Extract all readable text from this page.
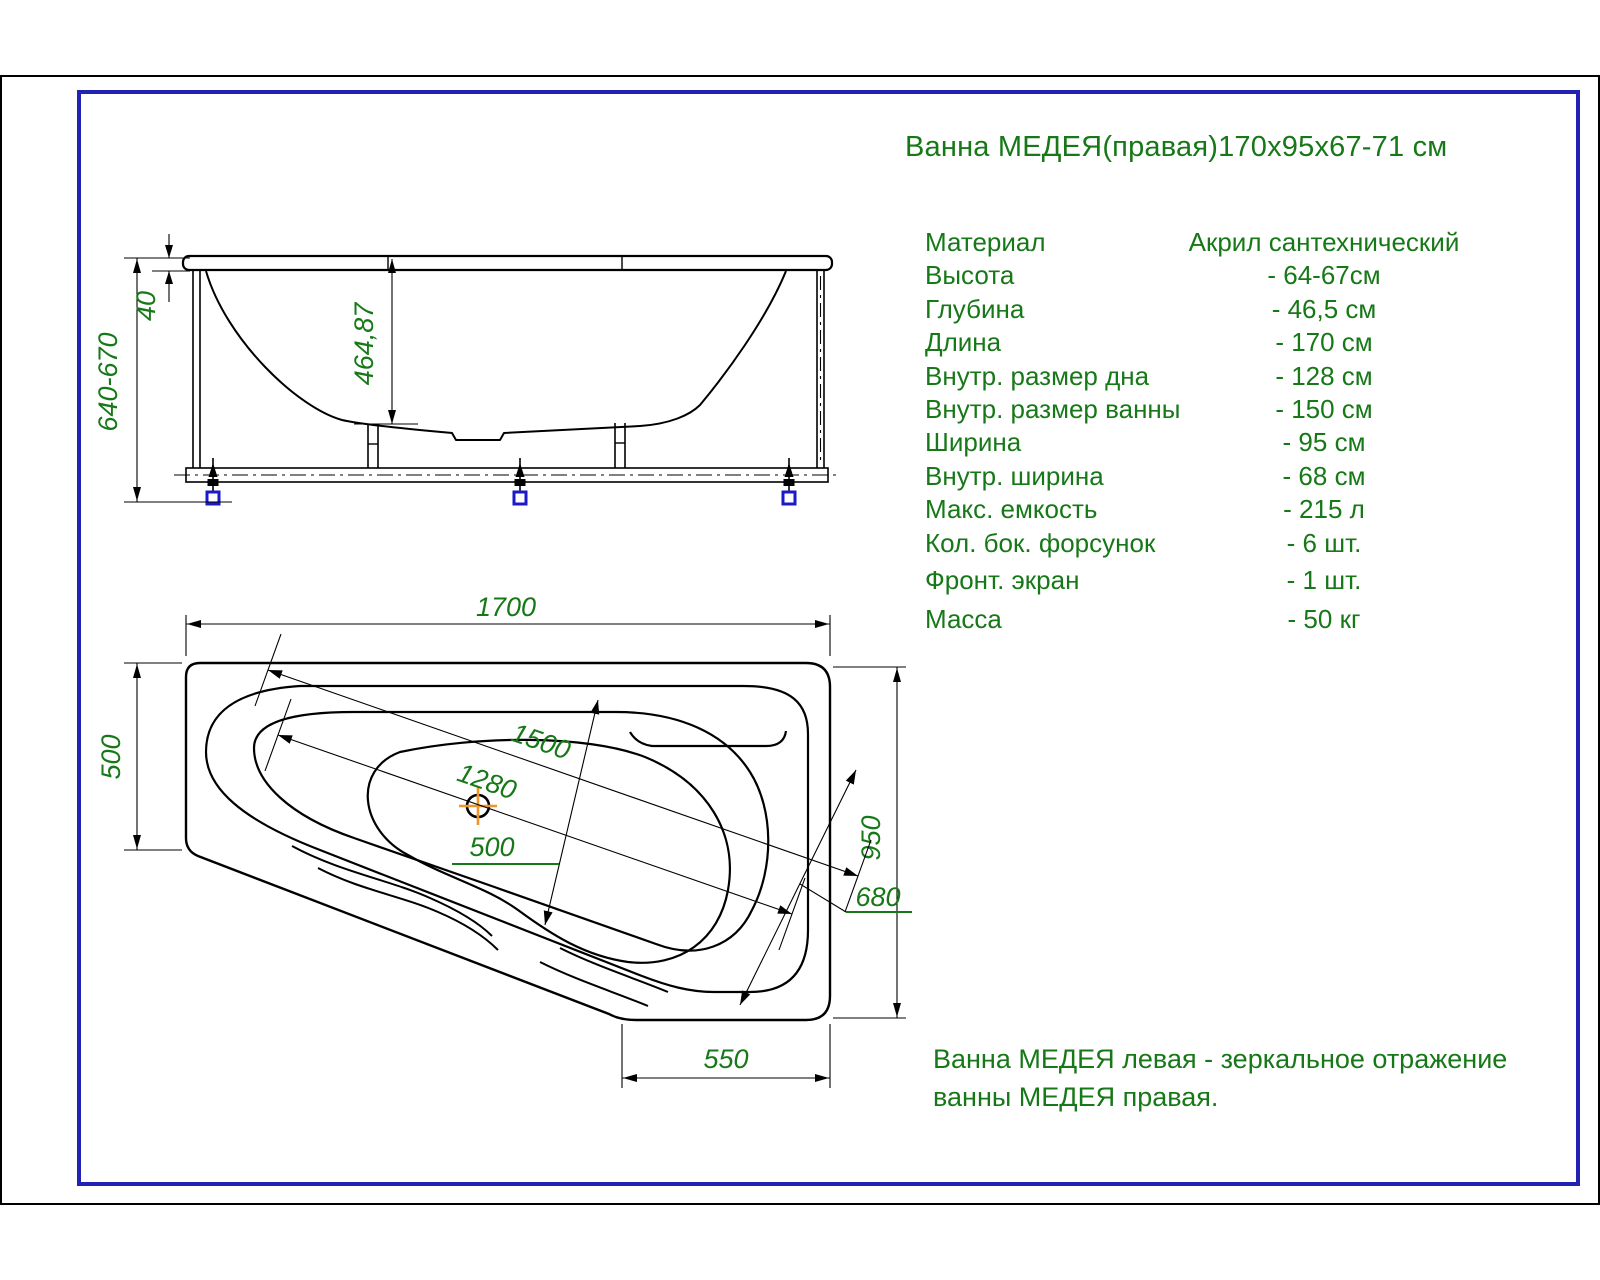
Ванна МЕДЕЯ(правая)170х95х67-71 см
Материал	Акрил сантехнический
Высота	- 64-67см
Глубина	- 46,5 см
Длина	- 170 см
Внутр. размер дна	- 128 см
Внутр. размер ванны	- 150 см
Ширина	- 95 см
Внутр. ширина	- 68 см
Макс. емкость	- 215 л
Кол. бок. форсунок	- 6 шт.
Фронт. экран	- 1 шт.
Масса	- 50 кг
Ванна МЕДЕЯ левая - зеркальное отражение
ванны МЕДЕЯ правая.
640-670
40	464,87
1700
500
950
550
1500
1280
500
680
